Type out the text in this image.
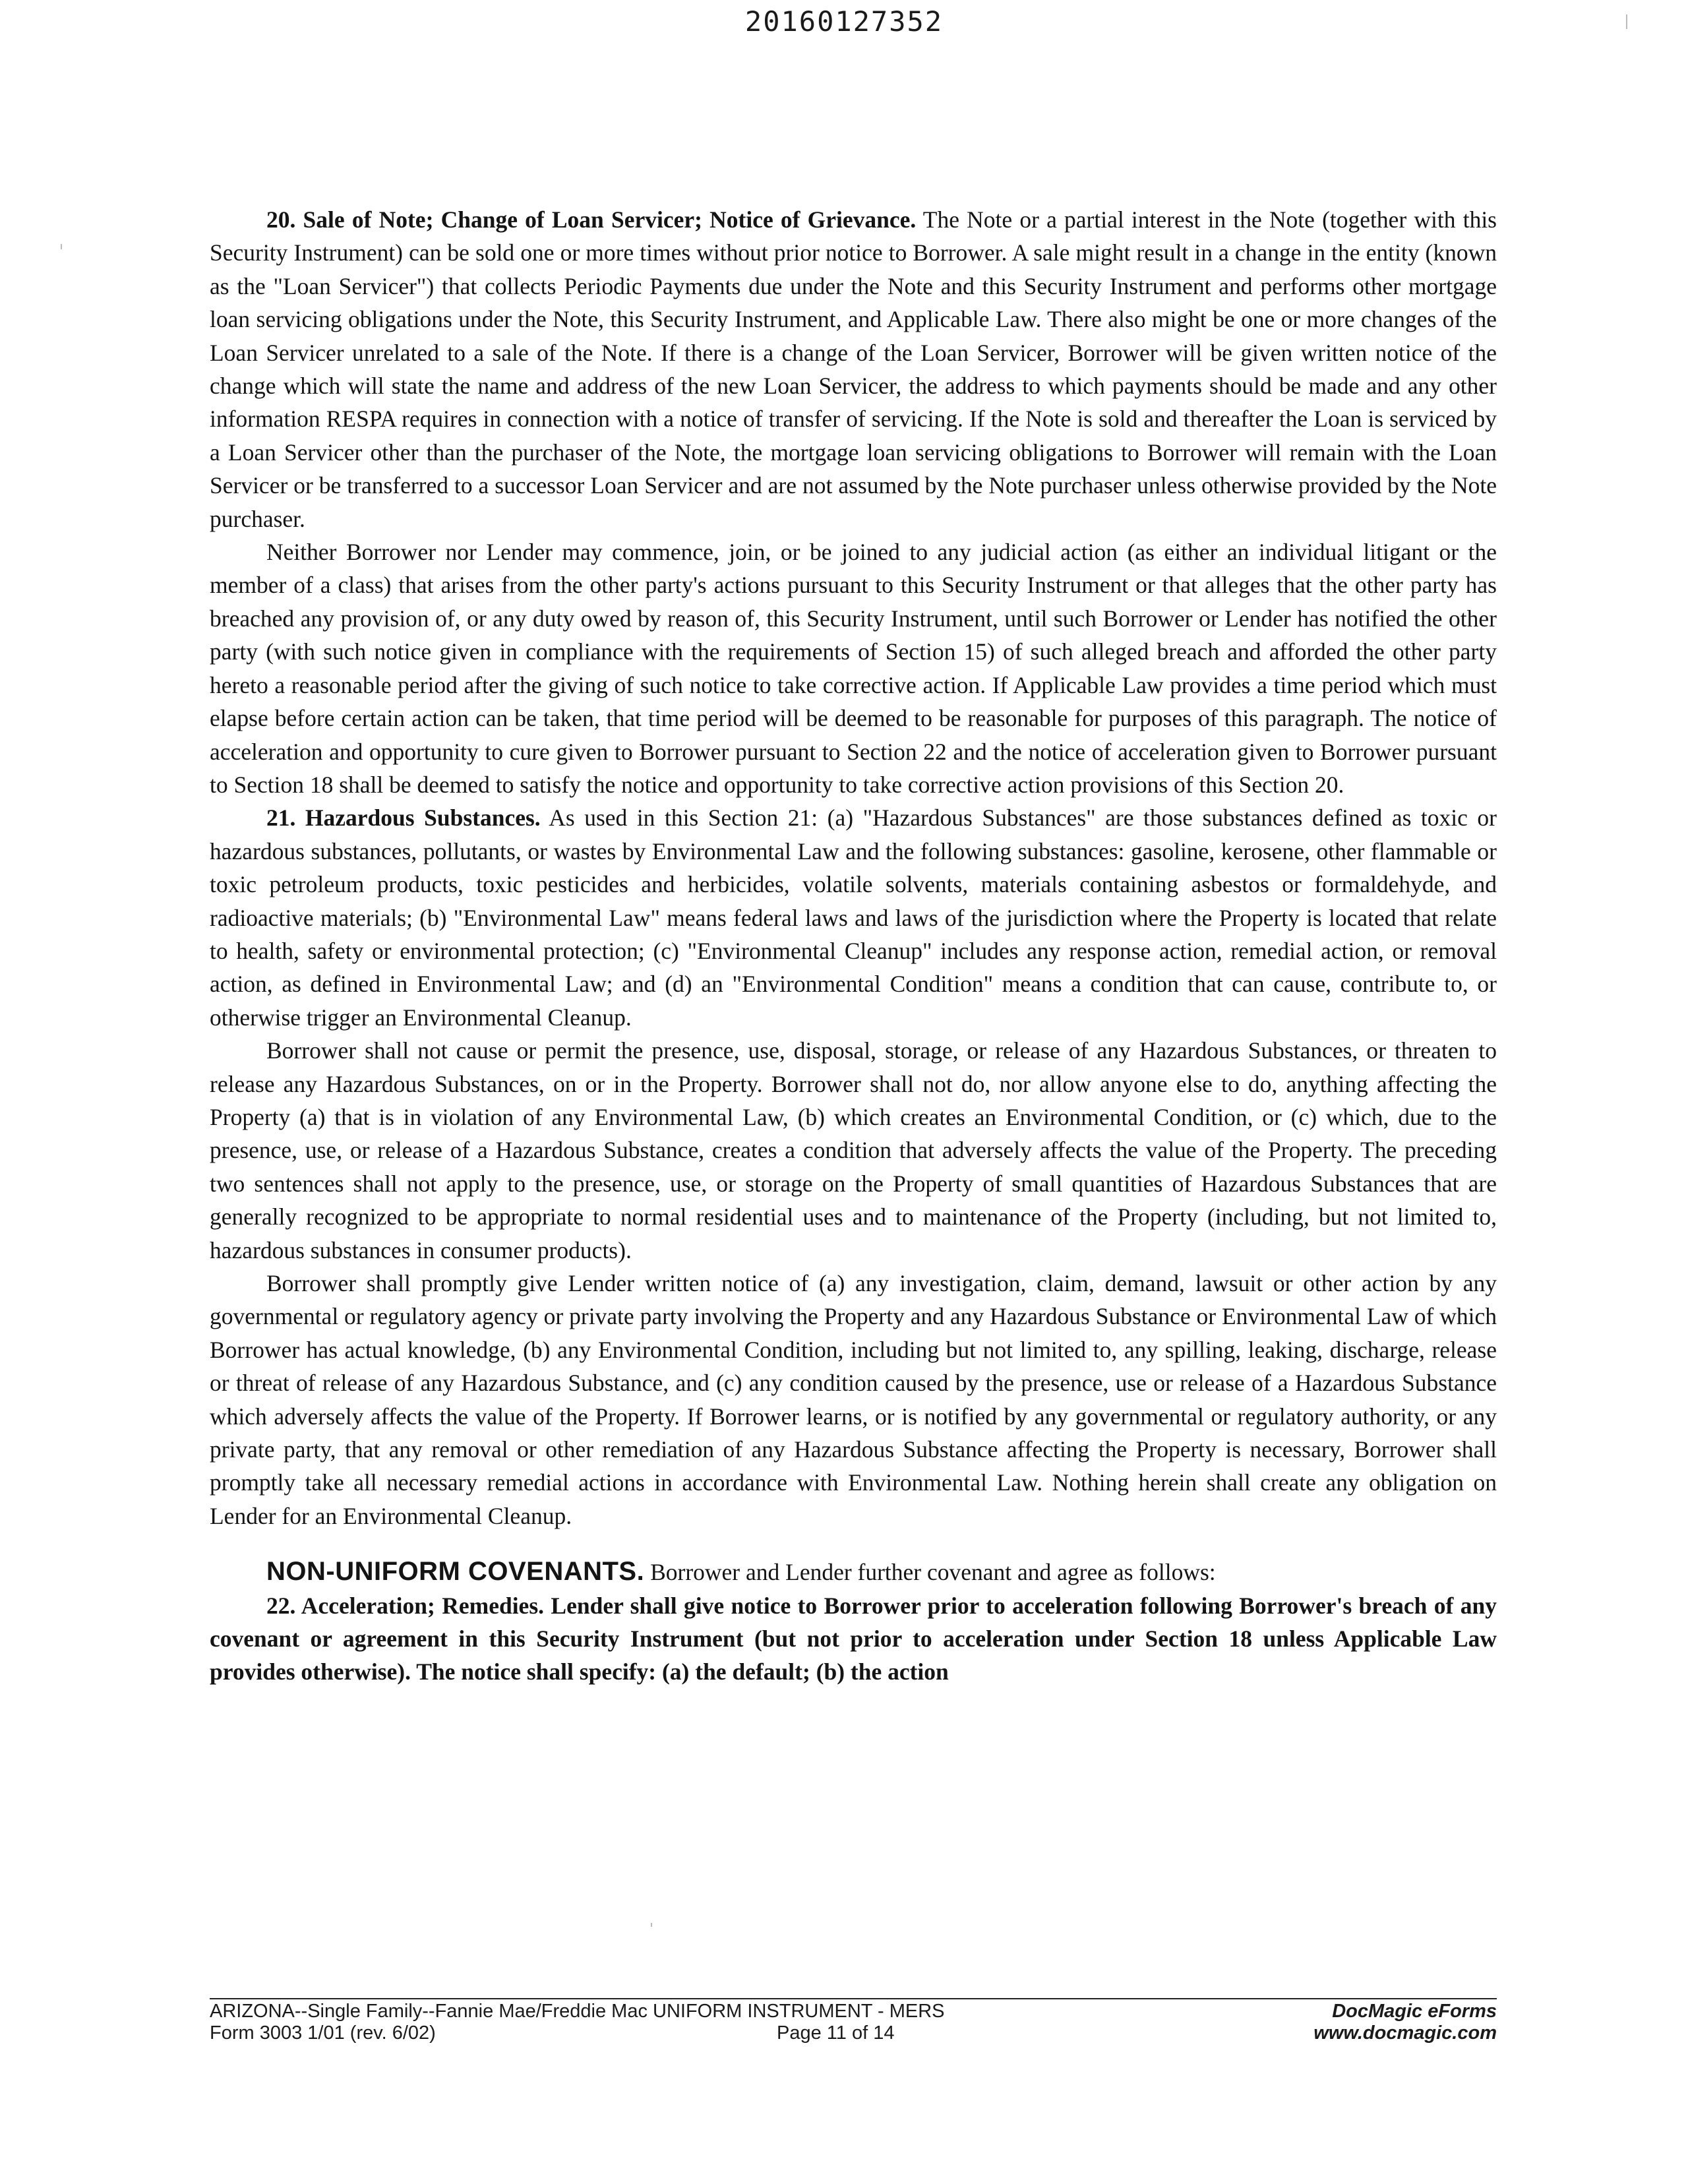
20160127352

20. Sale of Note; Change of Loan Servicer; Notice of Grievance. The Note or a partial interest in the Note (together with this Security Instrument) can be sold one or more times without prior notice to Borrower. A sale might result in a change in the entity (known as the "Loan Servicer") that collects Periodic Payments due under the Note and this Security Instrument and performs other mortgage loan servicing obligations under the Note, this Security Instrument, and Applicable Law. There also might be one or more changes of the Loan Servicer unrelated to a sale of the Note. If there is a change of the Loan Servicer, Borrower will be given written notice of the change which will state the name and address of the new Loan Servicer, the address to which payments should be made and any other information RESPA requires in connection with a notice of transfer of servicing. If the Note is sold and thereafter the Loan is serviced by a Loan Servicer other than the purchaser of the Note, the mortgage loan servicing obligations to Borrower will remain with the Loan Servicer or be transferred to a successor Loan Servicer and are not assumed by the Note purchaser unless otherwise provided by the Note purchaser.

Neither Borrower nor Lender may commence, join, or be joined to any judicial action (as either an individual litigant or the member of a class) that arises from the other party's actions pursuant to this Security Instrument or that alleges that the other party has breached any provision of, or any duty owed by reason of, this Security Instrument, until such Borrower or Lender has notified the other party (with such notice given in compliance with the requirements of Section 15) of such alleged breach and afforded the other party hereto a reasonable period after the giving of such notice to take corrective action. If Applicable Law provides a time period which must elapse before certain action can be taken, that time period will be deemed to be reasonable for purposes of this paragraph. The notice of acceleration and opportunity to cure given to Borrower pursuant to Section 22 and the notice of acceleration given to Borrower pursuant to Section 18 shall be deemed to satisfy the notice and opportunity to take corrective action provisions of this Section 20.

21. Hazardous Substances. As used in this Section 21: (a) "Hazardous Substances" are those substances defined as toxic or hazardous substances, pollutants, or wastes by Environmental Law and the following substances: gasoline, kerosene, other flammable or toxic petroleum products, toxic pesticides and herbicides, volatile solvents, materials containing asbestos or formaldehyde, and radioactive materials; (b) "Environmental Law" means federal laws and laws of the jurisdiction where the Property is located that relate to health, safety or environmental protection; (c) "Environmental Cleanup" includes any response action, remedial action, or removal action, as defined in Environmental Law; and (d) an "Environmental Condition" means a condition that can cause, contribute to, or otherwise trigger an Environmental Cleanup.

Borrower shall not cause or permit the presence, use, disposal, storage, or release of any Hazardous Substances, or threaten to release any Hazardous Substances, on or in the Property. Borrower shall not do, nor allow anyone else to do, anything affecting the Property (a) that is in violation of any Environmental Law, (b) which creates an Environmental Condition, or (c) which, due to the presence, use, or release of a Hazardous Substance, creates a condition that adversely affects the value of the Property. The preceding two sentences shall not apply to the presence, use, or storage on the Property of small quantities of Hazardous Substances that are generally recognized to be appropriate to normal residential uses and to maintenance of the Property (including, but not limited to, hazardous substances in consumer products).

Borrower shall promptly give Lender written notice of (a) any investigation, claim, demand, lawsuit or other action by any governmental or regulatory agency or private party involving the Property and any Hazardous Substance or Environmental Law of which Borrower has actual knowledge, (b) any Environmental Condition, including but not limited to, any spilling, leaking, discharge, release or threat of release of any Hazardous Substance, and (c) any condition caused by the presence, use or release of a Hazardous Substance which adversely affects the value of the Property. If Borrower learns, or is notified by any governmental or regulatory authority, or any private party, that any removal or other remediation of any Hazardous Substance affecting the Property is necessary, Borrower shall promptly take all necessary remedial actions in accordance with Environmental Law. Nothing herein shall create any obligation on Lender for an Environmental Cleanup.

NON-UNIFORM COVENANTS. Borrower and Lender further covenant and agree as follows:

22. Acceleration; Remedies. Lender shall give notice to Borrower prior to acceleration following Borrower's breach of any covenant or agreement in this Security Instrument (but not prior to acceleration under Section 18 unless Applicable Law provides otherwise). The notice shall specify: (a) the default; (b) the action

ARIZONA--Single Family--Fannie Mae/Freddie Mac UNIFORM INSTRUMENT - MERS
Form 3003 1/01 (rev. 6/02)	Page 11 of 14
DocMagic eForms
www.docmagic.com
